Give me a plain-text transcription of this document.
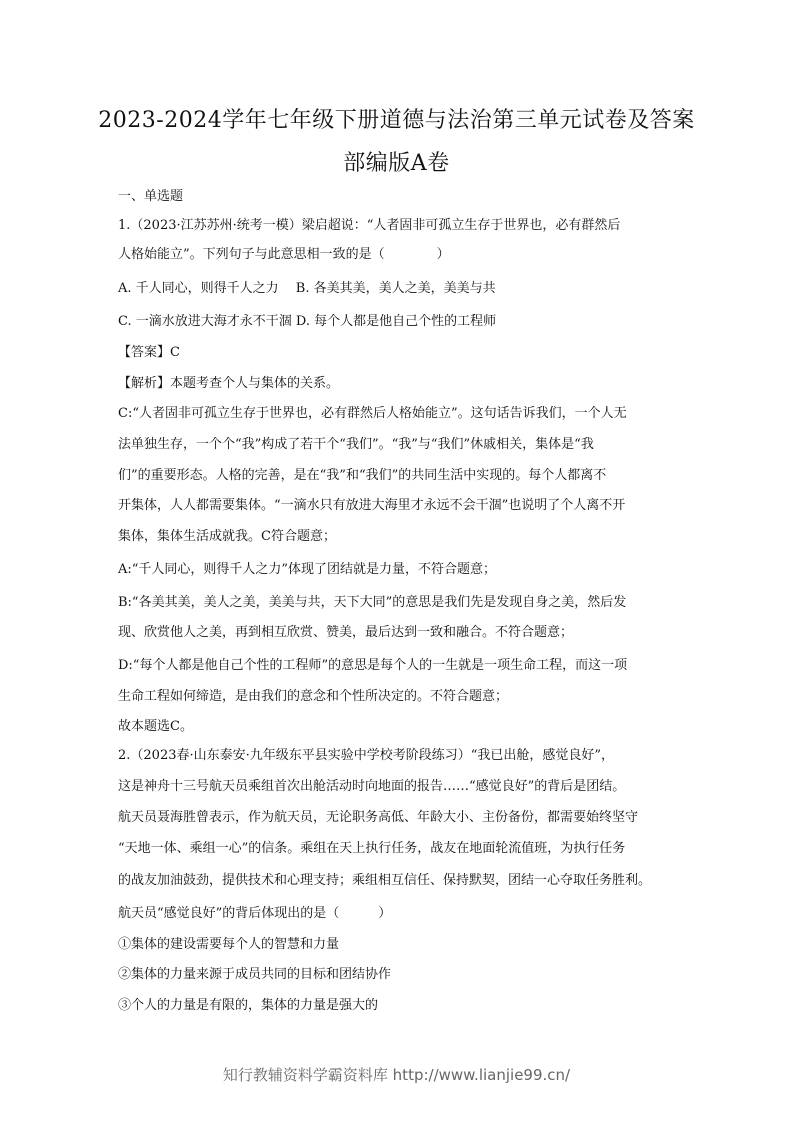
2023-2024学年七年级下册道德与法治第三单元试卷及答案
部编版A卷
一、单选题
1.（2023·江苏苏州·统考一模）梁启超说：“人者固非可孤立生存于世界也，必有群然后
人格始能立”。下列句子与此意思相一致的是（　　　　）
A. 千人同心，则得千人之力　 B. 各美其美，美人之美，美美与共
C. 一滴水放进大海才永不干涸 D. 每个人都是他自己个性的工程师
【答案】C
【解析】本题考查个人与集体的关系。
C:“人者固非可孤立生存于世界也，必有群然后人格始能立”。这句话告诉我们，一个人无
法单独生存，一个个“我”构成了若干个“我们”。“我”与“我们”休戚相关，集体是“我
们”的重要形态。人格的完善，是在“我”和“我们”的共同生活中实现的。每个人都离不
开集体，人人都需要集体。“一滴水只有放进大海里才永远不会干涸”也说明了个人离不开
集体，集体生活成就我。C符合题意；
A:“千人同心，则得千人之力”体现了团结就是力量，不符合题意；
B:“各美其美，美人之美，美美与共，天下大同”的意思是我们先是发现自身之美，然后发
现、欣赏他人之美，再到相互欣赏、赞美，最后达到一致和融合。不符合题意；
D:“每个人都是他自己个性的工程师”的意思是每个人的一生就是一项生命工程，而这一项
生命工程如何缔造，是由我们的意念和个性所决定的。不符合题意；
故本题选C。
2.（2023春·山东泰安·九年级东平县实验中学校考阶段练习）“我已出舱，感觉良好”，
这是神舟十三号航天员乘组首次出舱活动时向地面的报告……“感觉良好”的背后是团结。
航天员聂海胜曾表示，作为航天员，无论职务高低、年龄大小、主份备份，都需要始终坚守
“天地一体、乘组一心”的信条。乘组在天上执行任务，战友在地面轮流值班，为执行任务
的战友加油鼓劲，提供技术和心理支持；乘组相互信任、保持默契，团结一心夺取任务胜利。
航天员“感觉良好”的背后体现出的是（　　　）
①集体的建设需要每个人的智慧和力量
②集体的力量来源于成员共同的目标和团结协作
③个人的力量是有限的，集体的力量是强大的
知行教辅资料学霸资料库 http://www.lianjie99.cn/
